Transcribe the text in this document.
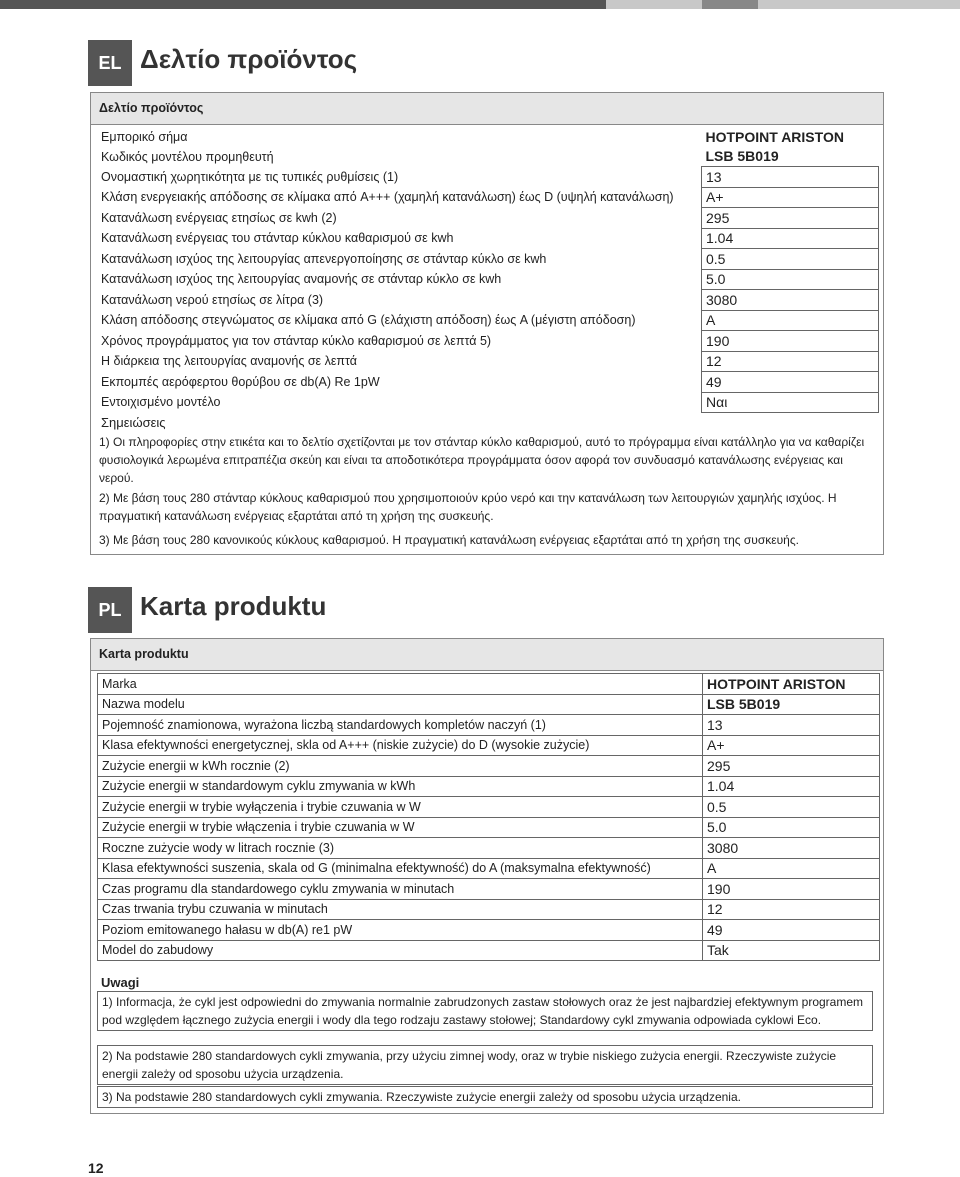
EL Δελτίο προϊόντος
Δελτίο προϊόντος
Εμπορικό σήμα	HOTPOINT ARISTON
Κωδικός μοντέλου προμηθευτή	LSB 5B019
Ονομαστική χωρητικότητα με τις τυπικές ρυθμίσεις (1)	13
Κλάση ενεργειακής απόδοσης σε κλίμακα από A+++ (χαμηλή κατανάλωση) έως D (υψηλή κατανάλωση)	A+
Κατανάλωση ενέργειας ετησίως σε kwh (2)	295
Κατανάλωση ενέργειας του στάνταρ κύκλου καθαρισμού σε kwh	1.04
Κατανάλωση ισχύος της λειτουργίας απενεργοποίησης σε στάνταρ κύκλο σε kwh	0.5
Κατανάλωση ισχύος της λειτουργίας αναμονής σε στάνταρ κύκλο σε kwh	5.0
Κατανάλωση νερού ετησίως σε λίτρα (3)	3080
Κλάση απόδοσης στεγνώματος σε κλίμακα από G (ελάχιστη απόδοση) έως A (μέγιστη απόδοση)	A
Χρόνος προγράμματος για τον στάνταρ κύκλο καθαρισμού σε λεπτά 5)	190
Η διάρκεια της λειτουργίας αναμονής σε λεπτά	12
Εκπομπές αερόφερτου θορύβου σε db(A) Re 1pW	49
Εντοιχισμένο μοντέλο	Ναι
Σημειώσεις
1) Οι πληροφορίες στην ετικέτα και το δελτίο σχετίζονται με τον στάνταρ κύκλο καθαρισμού, αυτό το πρόγραμμα είναι κατάλληλο για να καθαρίζει φυσιολογικά λερωμένα επιτραπέζια σκεύη και είναι τα αποδοτικότερα προγράμματα όσον αφορά τον συνδυασμό κατανάλωσης ενέργειας και νερού.
2) Με βάση τους 280 στάνταρ κύκλους καθαρισμού που χρησιμοποιούν κρύο νερό και την κατανάλωση των λειτουργιών χαμηλής ισχύος. Η πραγματική κατανάλωση ενέργειας εξαρτάται από τη χρήση της συσκευής.
3) Με βάση τους 280 κανονικούς κύκλους καθαρισμού. Η πραγματική κατανάλωση ενέργειας εξαρτάται από τη χρήση της συσκευής.
PL Karta produktu
Karta produktu
Marka	HOTPOINT ARISTON
Nazwa modelu	LSB 5B019
Pojemność znamionowa, wyrażona liczbą standardowych kompletów naczyń (1)	13
Klasa efektywności energetycznej, skla od A+++ (niskie zużycie) do D (wysokie zużycie)	A+
Zużycie energii w kWh rocznie (2)	295
Zużycie energii w standardowym cyklu zmywania w kWh	1.04
Zużycie energii w trybie wyłączenia i trybie czuwania w W	0.5
Zużycie energii w trybie włączenia i trybie czuwania w W	5.0
Roczne zużycie wody w litrach rocznie (3)	3080
Klasa efektywności suszenia, skala od G (minimalna efektywność) do A (maksymalna efektywność)	A
Czas programu dla standardowego cyklu zmywania w minutach	190
Czas trwania trybu czuwania w minutach	12
Poziom emitowanego hałasu w db(A) re1 pW	49
Model do zabudowy	Tak
Uwagi
1) Informacja, że cykl jest odpowiedni do zmywania normalnie zabrudzonych zastaw stołowych oraz że jest najbardziej efektywnym programem pod względem łącznego zużycia energii i wody dla tego rodzaju zastawy stołowej; Standardowy cykl zmywania odpowiada cyklowi Eco.
2) Na podstawie 280 standardowych cykli zmywania, przy użyciu zimnej wody, oraz w trybie niskiego zużycia energii. Rzeczywiste zużycie energii zależy od sposobu użycia urządzenia.
3) Na podstawie 280 standardowych cykli zmywania. Rzeczywiste zużycie energii zależy od sposobu użycia urządzenia.
12
